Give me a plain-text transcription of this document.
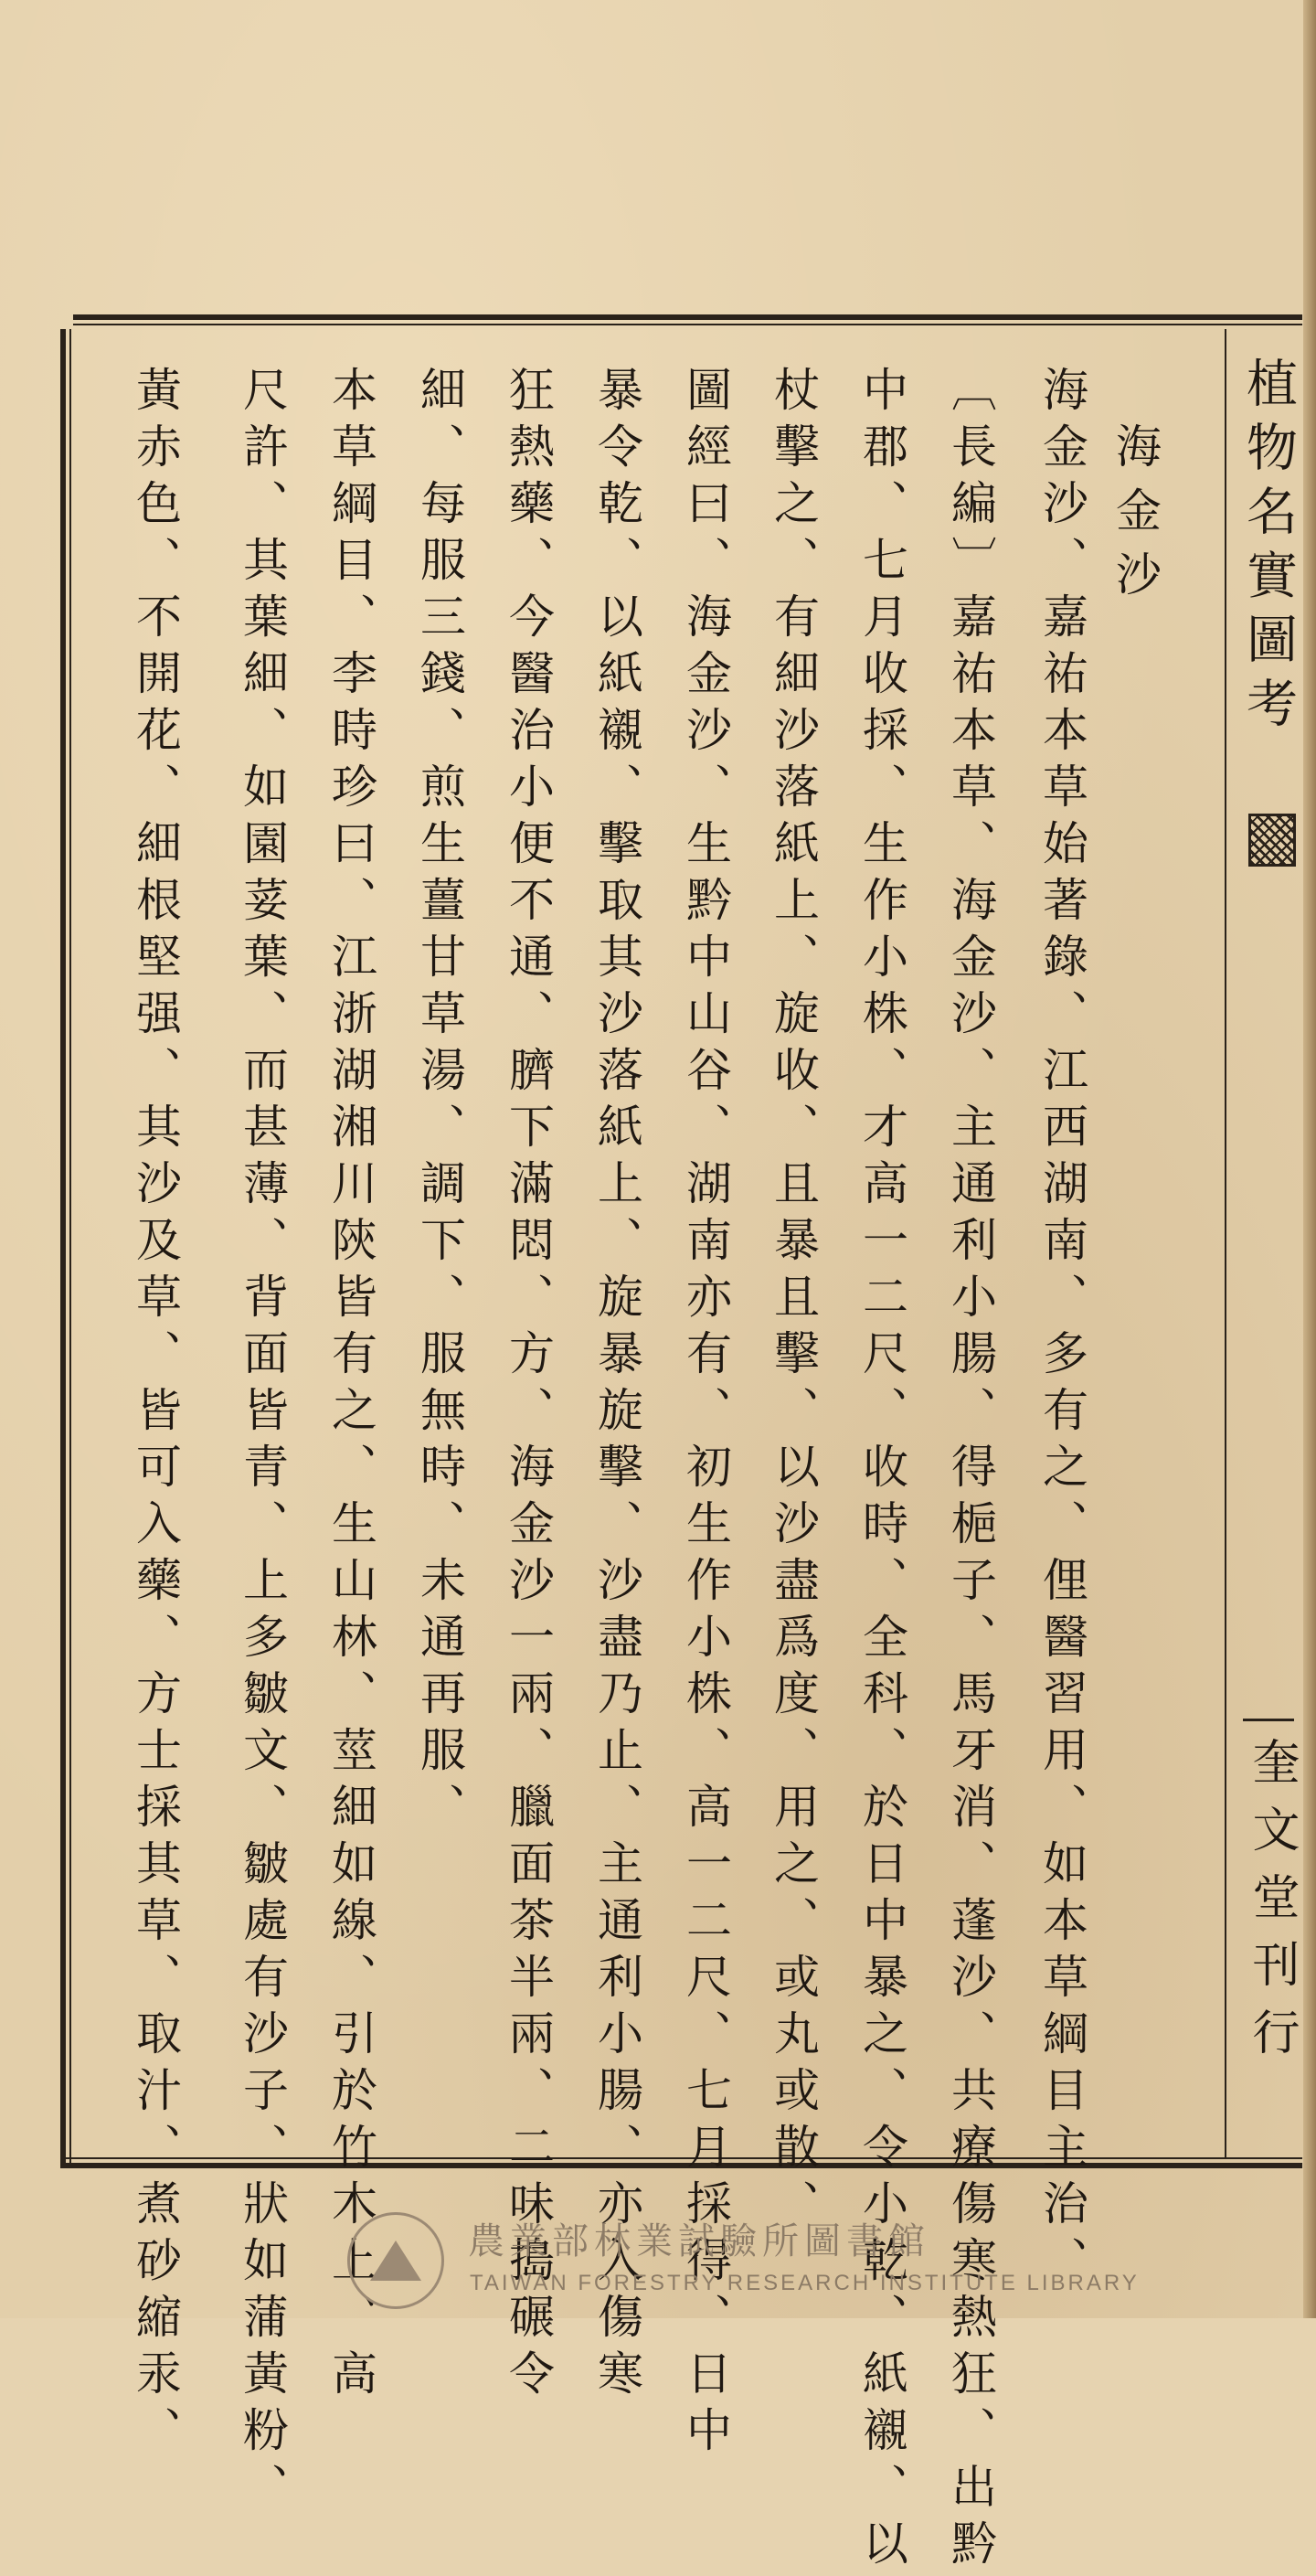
植物名實圖考
奎文堂刊行
海金沙
海金沙、嘉祐本草始著錄、江西湖南、多有之、俚醫習用、如本草綱目主治、
〔長編〕嘉祐本草、海金沙、主通利小腸、得梔子、馬牙消、蓬沙、共療傷寒熱狂、出黔
中郡、七月收採、生作小株、才高一二尺、收時、全科、於日中暴之、令小乾、紙襯、以
杖擊之、有細沙落紙上、旋收、且暴且擊、以沙盡爲度、用之、或丸或散、
圖經曰、海金沙、生黔中山谷、湖南亦有、初生作小株、高一二尺、七月採得、日中
暴令乾、以紙襯、擊取其沙落紙上、旋暴旋擊、沙盡乃止、主通利小腸、亦入傷寒
狂熱藥、今醫治小便不通、臍下滿悶、方、海金沙一兩、臘面茶半兩、二味搗碾令
細、每服三錢、煎生薑甘草湯、調下、服無時、未通再服、
本草綱目、李時珍曰、江浙湖湘川陝皆有之、生山林、莖細如線、引於竹木上、高
尺許、其葉細、如園荽葉、而甚薄、背面皆青、上多皺文、皺處有沙子、狀如蒲黃粉、
黃赤色、不開花、細根堅强、其沙及草、皆可入藥、方士採其草、取汁、煮砂縮汞、	農業部林業試驗所圖書館
TAIWAN FORESTRY RESEARCH INSTITUTE LIBRARY
